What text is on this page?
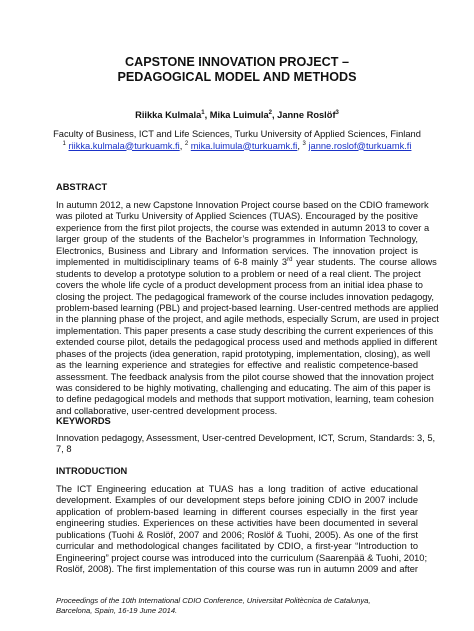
CAPSTONE INNOVATION PROJECT –
PEDAGOGICAL MODEL AND METHODS
Riikka Kulmala$^1$, Mika Luimula$^2$, Janne Roslöf$^3$
Faculty of Business, ICT and Life Sciences, Turku University of Applied Sciences, Finland
$^1$ riikka.kulmala@turkuamk.fi, $^2$ mika.luimula@turkuamk.fi, $^3$ janne.roslof@turkuamk.fi
ABSTRACT
In autumn 2012, a new Capstone Innovation Project course based on the CDIO framework
was piloted at Turku University of Applied Sciences (TUAS). Encouraged by the positive
experience from the first pilot projects, the course was extended in autumn 2013 to cover a
larger group of the students of the Bachelor’s programmes in Information Technology,
Electronics, Business and Library and Information services. The innovation project is
implemented in multidisciplinary teams of 6-8 mainly 3rd year students. The course allows
students to develop a prototype solution to a problem or need of a real client. The project
covers the whole life cycle of a product development process from an initial idea phase to
closing the project. The pedagogical framework of the course includes innovation pedagogy,
problem-based learning (PBL) and project-based learning. User-centred methods are applied
in the planning phase of the project, and agile methods, especially Scrum, are used in project
implementation. This paper presents a case study describing the current experiences of this
extended course pilot, details the pedagogical process used and methods applied in different
phases of the projects (idea generation, rapid prototyping, implementation, closing), as well
as the learning experience and strategies for effective and realistic competence-based
assessment. The feedback analysis from the pilot course showed that the innovation project
was considered to be highly motivating, challenging and educating. The aim of this paper is
to define pedagogical models and methods that support motivation, learning, team cohesion
and collaborative, user-centred development process.
KEYWORDS
Innovation pedagogy, Assessment, User-centred Development, ICT, Scrum, Standards: 3, 5,
7, 8
INTRODUCTION
The ICT Engineering education at TUAS has a long tradition of active educational
development. Examples of our development steps before joining CDIO in 2007 include
application of problem-based learning in different courses especially in the first year
engineering studies. Experiences on these activities have been documented in several
publications (Tuohi & Roslöf, 2007 and 2006; Roslöf & Tuohi, 2005). As one of the first
curricular and methodological changes facilitated by CDIO, a first-year “Introduction to
Engineering” project course was introduced into the curriculum (Saarenpää & Tuohi, 2010;
Roslöf, 2008). The first implementation of this course was run in autumn 2009 and after
Proceedings of the 10th International CDIO Conference, Universitat Politècnica de Catalunya,
Barcelona, Spain, 16-19 June 2014.
